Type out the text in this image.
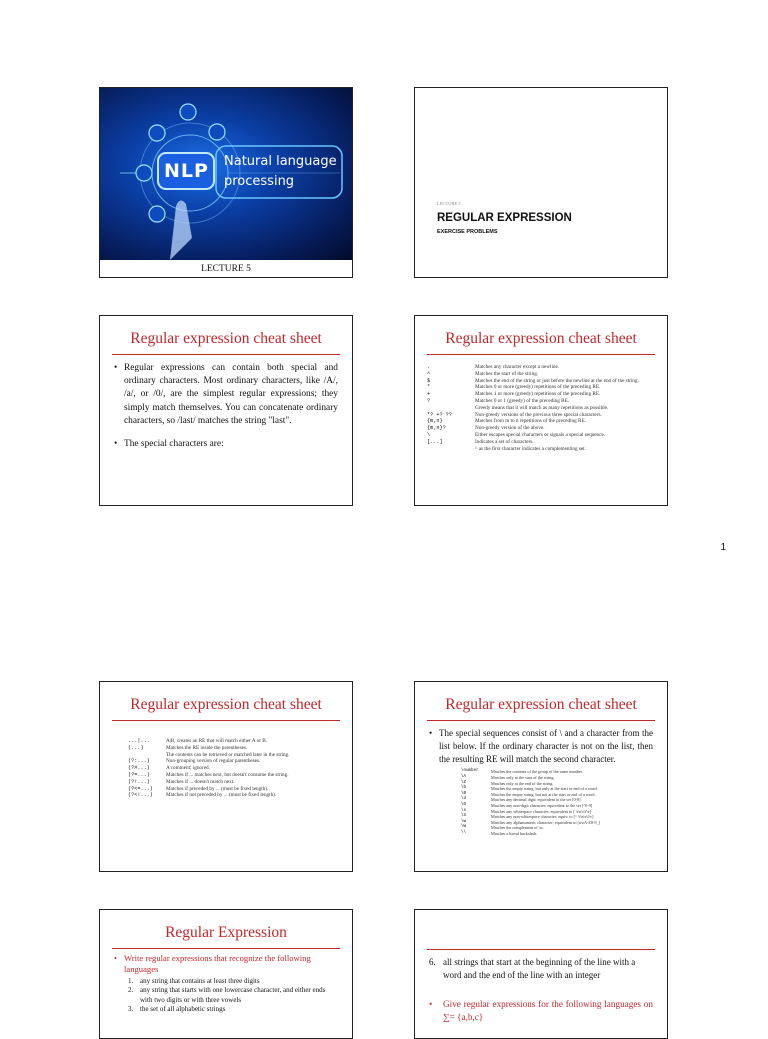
NLP Natural language
processing
LECTURE 5
LECTURE 5
REGULAR EXPRESSION
EXERCISE PROBLEMS
Regular expression cheat sheet
• Regular expressions can contain both special and ordinary characters. Most ordinary characters, like /A/, /a/, or /0/, are the simplest regular expressions; they simply match themselves. You can concatenate ordinary characters, so /last/ matches the string "last".
• The special characters are:
Regular expression cheat sheet
.	Matches any character except a newline.
^	Matches the start of the string.
$	Matches the end of the string or just before the newline at the end of the string.
*	Matches 0 or more (greedy) repetitions of the preceding RE.
+	Matches 1 or more (greedy) repetitions of the preceding RE.
?	Matches 0 or 1 (greedy) of the preceding RE.
Greedy means that it will match as many repetitions as possible.
*? +? ??	Non-greedy versions of the previous three special characters.
{m,n}	Matches from m to n repetitions of the preceding RE.
{m,n}?	Non-greedy version of the above.
\	Either escapes special characters or signals a special sequence.
[...]	Indicates a set of characters.
^ as the first character indicates a complementing set.
1
Regular expression cheat sheet
...|...	A|B, creates an RE that will match either A or B.
(...)	Matches the RE inside the parentheses.
The contents can be retrieved or matched later in the string.
(?:...)	Non-grouping version of regular parentheses.
(?#...)	A comment; ignored.
(?=...)	Matches if ... matches next, but doesn't consume the string.
(?!...)	Matches if ... doesn't match next.
(?<=...)	Matches if preceded by ... (must be fixed length).
(?<!...)	Matches if not preceded by ... (must be fixed length).
Regular expression cheat sheet
• The special sequences consist of \ and a character from the list below. If the ordinary character is not on the list, then the resulting RE will match the second character.
\number	Matches the contents of the group of the same number.
\A	Matches only at the start of the string.
\Z	Matches only at the end of the string.
\b	Matches the empty string, but only at the start or end of a word.
\B	Matches the empty string, but not at the start or end of a word.
\d	Matches any decimal digit; equivalent to the set [0-9]
\D	Matches any non-digit character; equivalent to the set [^0-9]
\s	Matches any whitespace character; equivalent to [ \t\n\r\f\v]
\S	Matches any non-whitespace character; equiv. to [^ \t\n\r\f\v]
\w	Matches any alphanumeric character; equivalent to [a-zA-Z0-9_]
\W	Matches the complement of \w.
\\	Matches a literal backslash.
Regular Expression
• Write regular expressions that recognize the following languages
1. any string that contains at least three digits
2. any string that starts with one lowercase character, and either ends with two digits or with three vowels
3. the set of all alphabetic strings
6. all strings that start at the beginning of the line with a word and the end of the line with an integer
• Give regular expressions for the following languages on ∑= {a,b,c}
